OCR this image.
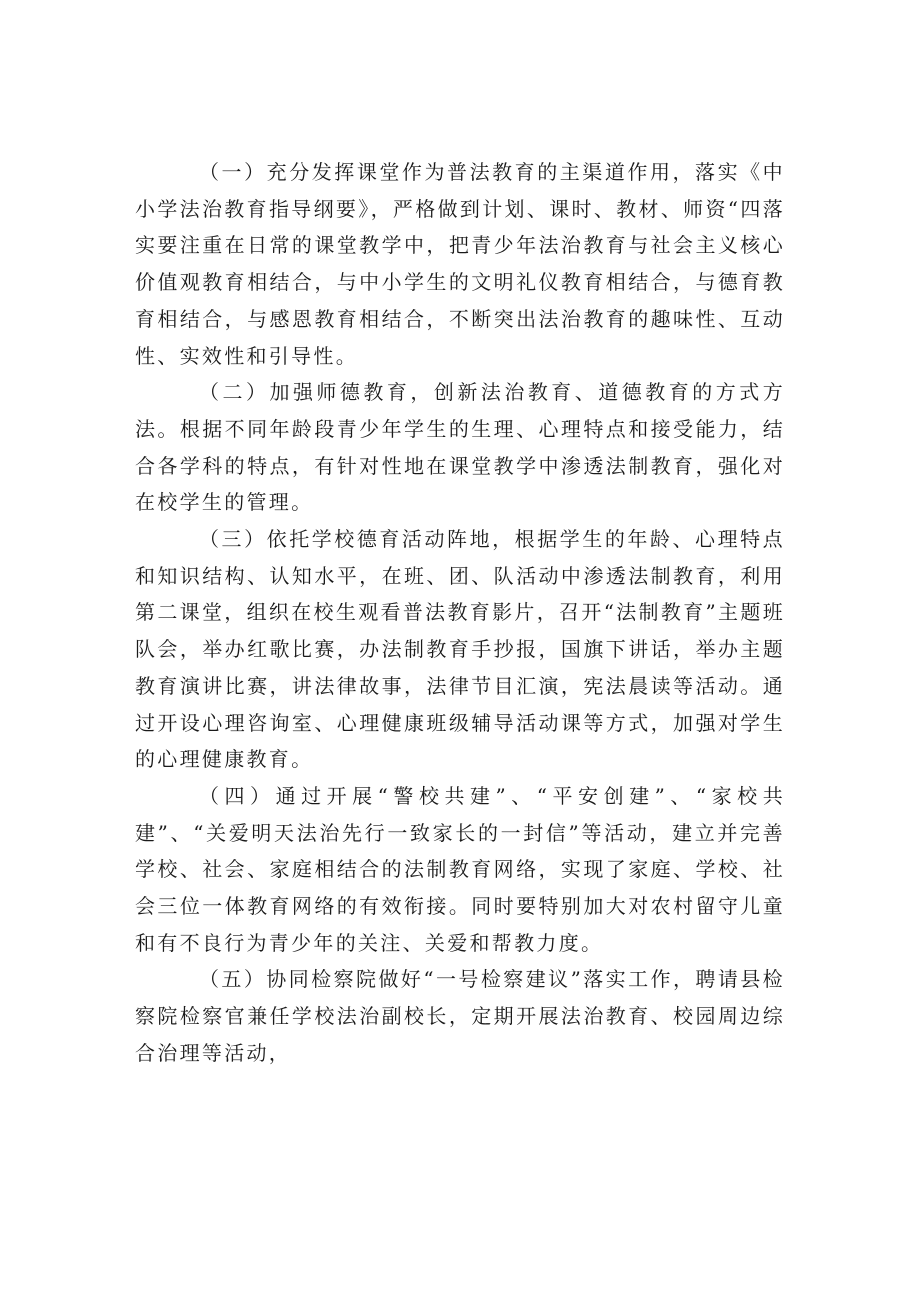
（一）充分发挥课堂作为普法教育的主渠道作用，落实《中小学法治教育指导纲要》，严格做到计划、课时、教材、师资“四落实要注重在日常的课堂教学中，把青少年法治教育与社会主义核心价值观教育相结合，与中小学生的文明礼仪教育相结合，与德育教育相结合，与感恩教育相结合，不断突出法治教育的趣味性、互动性、实效性和引导性。

（二）加强师德教育，创新法治教育、道德教育的方式方法。根据不同年龄段青少年学生的生理、心理特点和接受能力，结合各学科的特点，有针对性地在课堂教学中渗透法制教育，强化对在校学生的管理。

（三）依托学校德育活动阵地，根据学生的年龄、心理特点和知识结构、认知水平，在班、团、队活动中渗透法制教育，利用第二课堂，组织在校生观看普法教育影片，召开“法制教育”主题班队会，举办红歌比赛，办法制教育手抄报，国旗下讲话，举办主题教育演讲比赛，讲法律故事，法律节目汇演，宪法晨读等活动。通过开设心理咨询室、心理健康班级辅导活动课等方式，加强对学生的心理健康教育。

（四）通过开展“警校共建”、“平安创建”、“家校共建”、“关爱明天法治先行一致家长的一封信”等活动，建立并完善学校、社会、家庭相结合的法制教育网络，实现了家庭、学校、社会三位一体教育网络的有效衔接。同时要特别加大对农村留守儿童和有不良行为青少年的关注、关爱和帮教力度。

（五）协同检察院做好“一号检察建议”落实工作，聘请县检察院检察官兼任学校法治副校长，定期开展法治教育、校园周边综合治理等活动，
